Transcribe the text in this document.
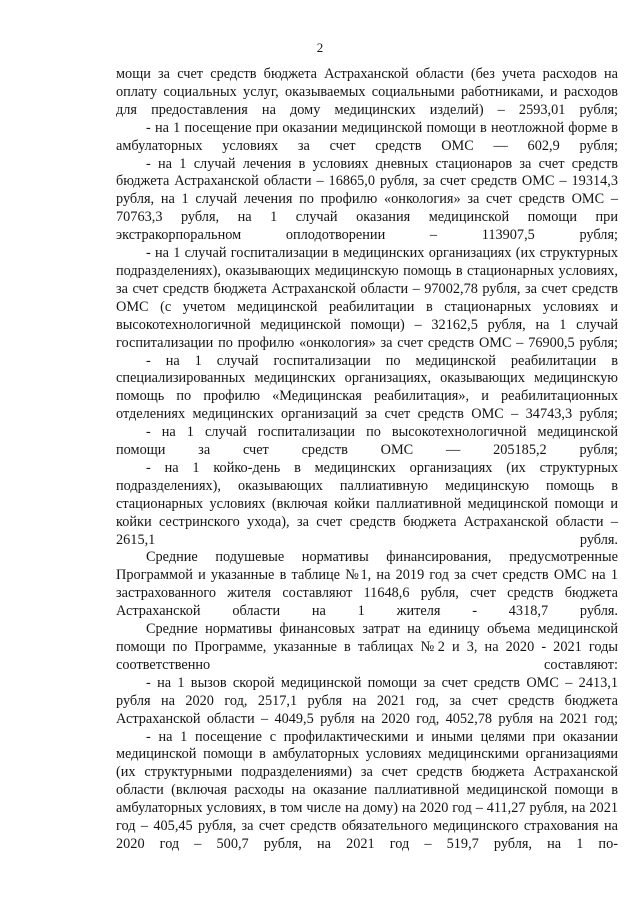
2

мощи за счет средств бюджета Астраханской области (без учета расходов на оплату социальных услуг, оказываемых социальными работниками, и расходов для предоставления на дому медицинских изделий) – 2593,01 рубля;

- на 1 посещение при оказании медицинской помощи в неотложной форме в амбулаторных условиях за счет средств ОМС — 602,9 рубля;

- на 1 случай лечения в условиях дневных стационаров за счет средств бюджета Астраханской области – 16865,0 рубля, за счет средств ОМС – 19314,3 рубля, на 1 случай лечения по профилю «онкология» за счет средств ОМС – 70763,3 рубля, на 1 случай оказания медицинской помощи при экстракорпоральном оплодотворении – 113907,5 рубля;

- на 1 случай госпитализации в медицинских организациях (их структурных подразделениях), оказывающих медицинскую помощь в стационарных условиях, за счет средств бюджета Астраханской области – 97002,78 рубля, за счет средств ОМС (с учетом медицинской реабилитации в стационарных условиях и высокотехнологичной медицинской помощи) – 32162,5 рубля, на 1 случай госпитализации по профилю «онкология» за счет средств ОМС – 76900,5 рубля;

- на 1 случай госпитализации по медицинской реабилитации в специализированных медицинских организациях, оказывающих медицинскую помощь по профилю «Медицинская реабилитация», и реабилитационных отделениях медицинских организаций за счет средств ОМС – 34743,3 рубля;

- на 1 случай госпитализации по высокотехнологичной медицинской помощи за счет средств ОМС — 205185,2 рубля;

- на 1 койко-день в медицинских организациях (их структурных подразделениях), оказывающих паллиативную медицинскую помощь в стационарных условиях (включая койки паллиативной медицинской помощи и койки сестринского ухода), за счет средств бюджета Астраханской области – 2615,1 рубля.

Средние подушевые нормативы финансирования, предусмотренные Программой и указанные в таблице №1, на 2019 год за счет средств ОМС на 1 застрахованного жителя составляют 11648,6 рубля, счет средств бюджета Астраханской области на 1 жителя - 4318,7 рубля.

Средние нормативы финансовых затрат на единицу объема медицинской помощи по Программе, указанные в таблицах №2 и 3, на 2020 - 2021 годы соответственно составляют:

- на 1 вызов скорой медицинской помощи за счет средств ОМС – 2413,1 рубля на 2020 год, 2517,1 рубля на 2021 год, за счет средств бюджета Астраханской области – 4049,5 рубля на 2020 год, 4052,78 рубля на 2021 год;

- на 1 посещение с профилактическими и иными целями при оказании медицинской помощи в амбулаторных условиях медицинскими организациями (их структурными подразделениями) за счет средств бюджета Астраханской области (включая расходы на оказание паллиативной медицинской помощи в амбулаторных условиях, в том числе на дому) на 2020 год – 411,27 рубля, на 2021 год – 405,45 рубля, за счет средств обязательного медицинского страхования на 2020 год – 500,7 рубля, на 2021 год – 519,7 рубля, на 1 по-
